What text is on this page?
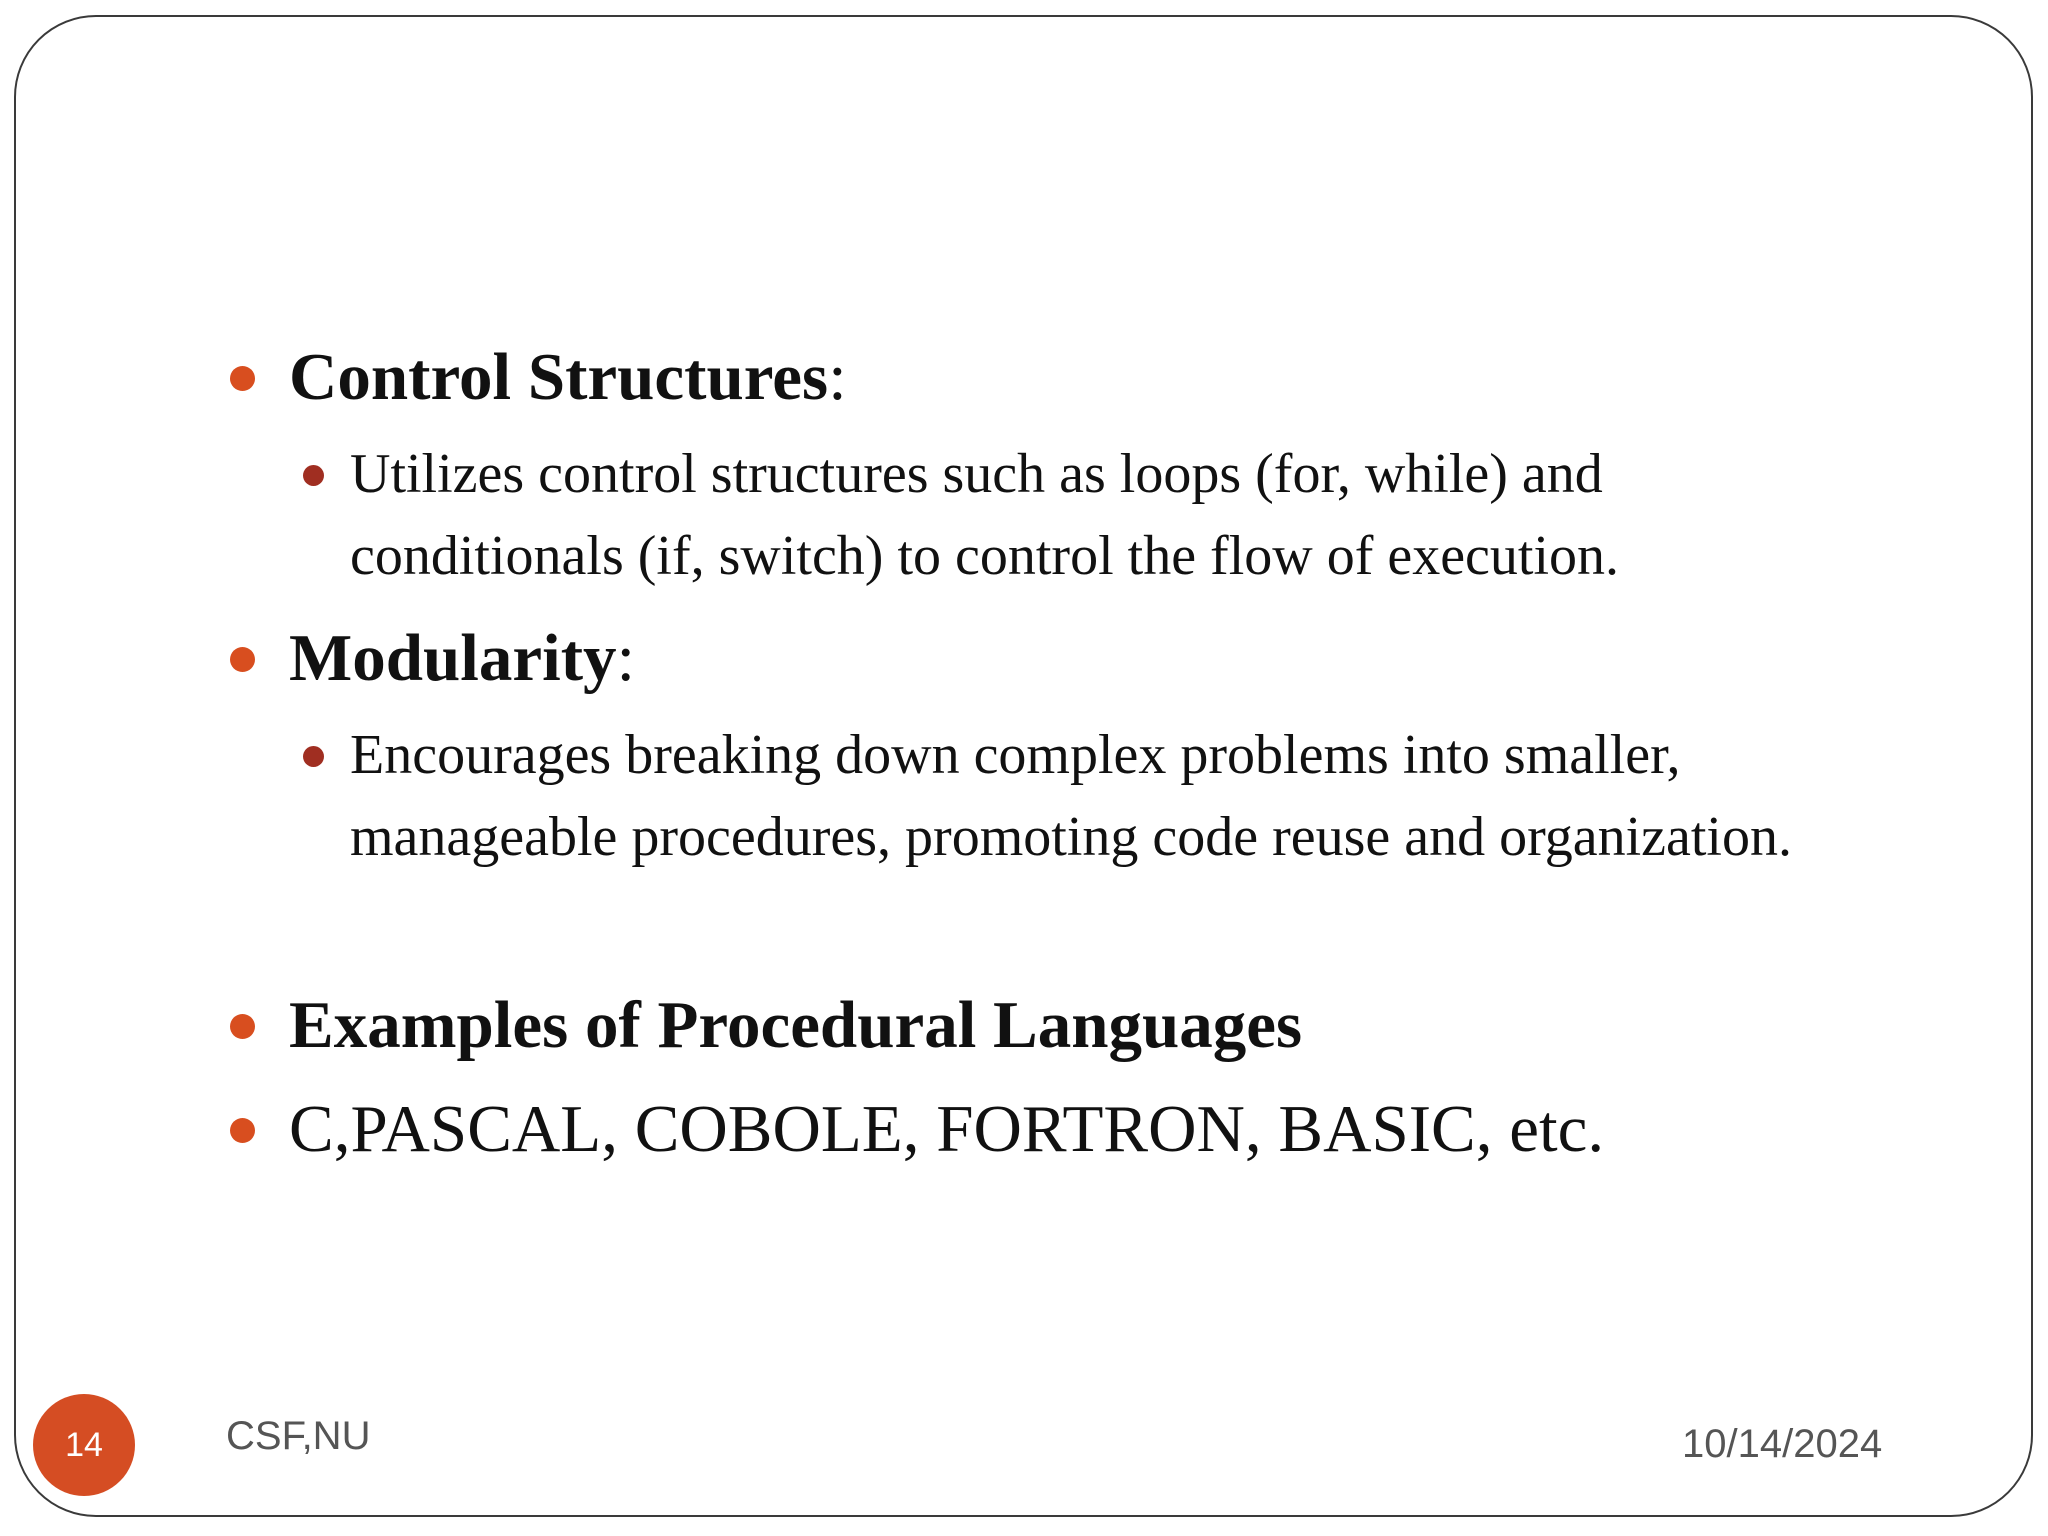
Control Structures:
Utilizes control structures such as loops (for, while) and conditionals (if, switch) to control the flow of execution.
Modularity:
Encourages breaking down complex problems into smaller, manageable procedures, promoting code reuse and organization.
Examples of Procedural Languages
C,PASCAL, COBOLE, FORTRON, BASIC, etc.
14	CSF,NU	10/14/2024
